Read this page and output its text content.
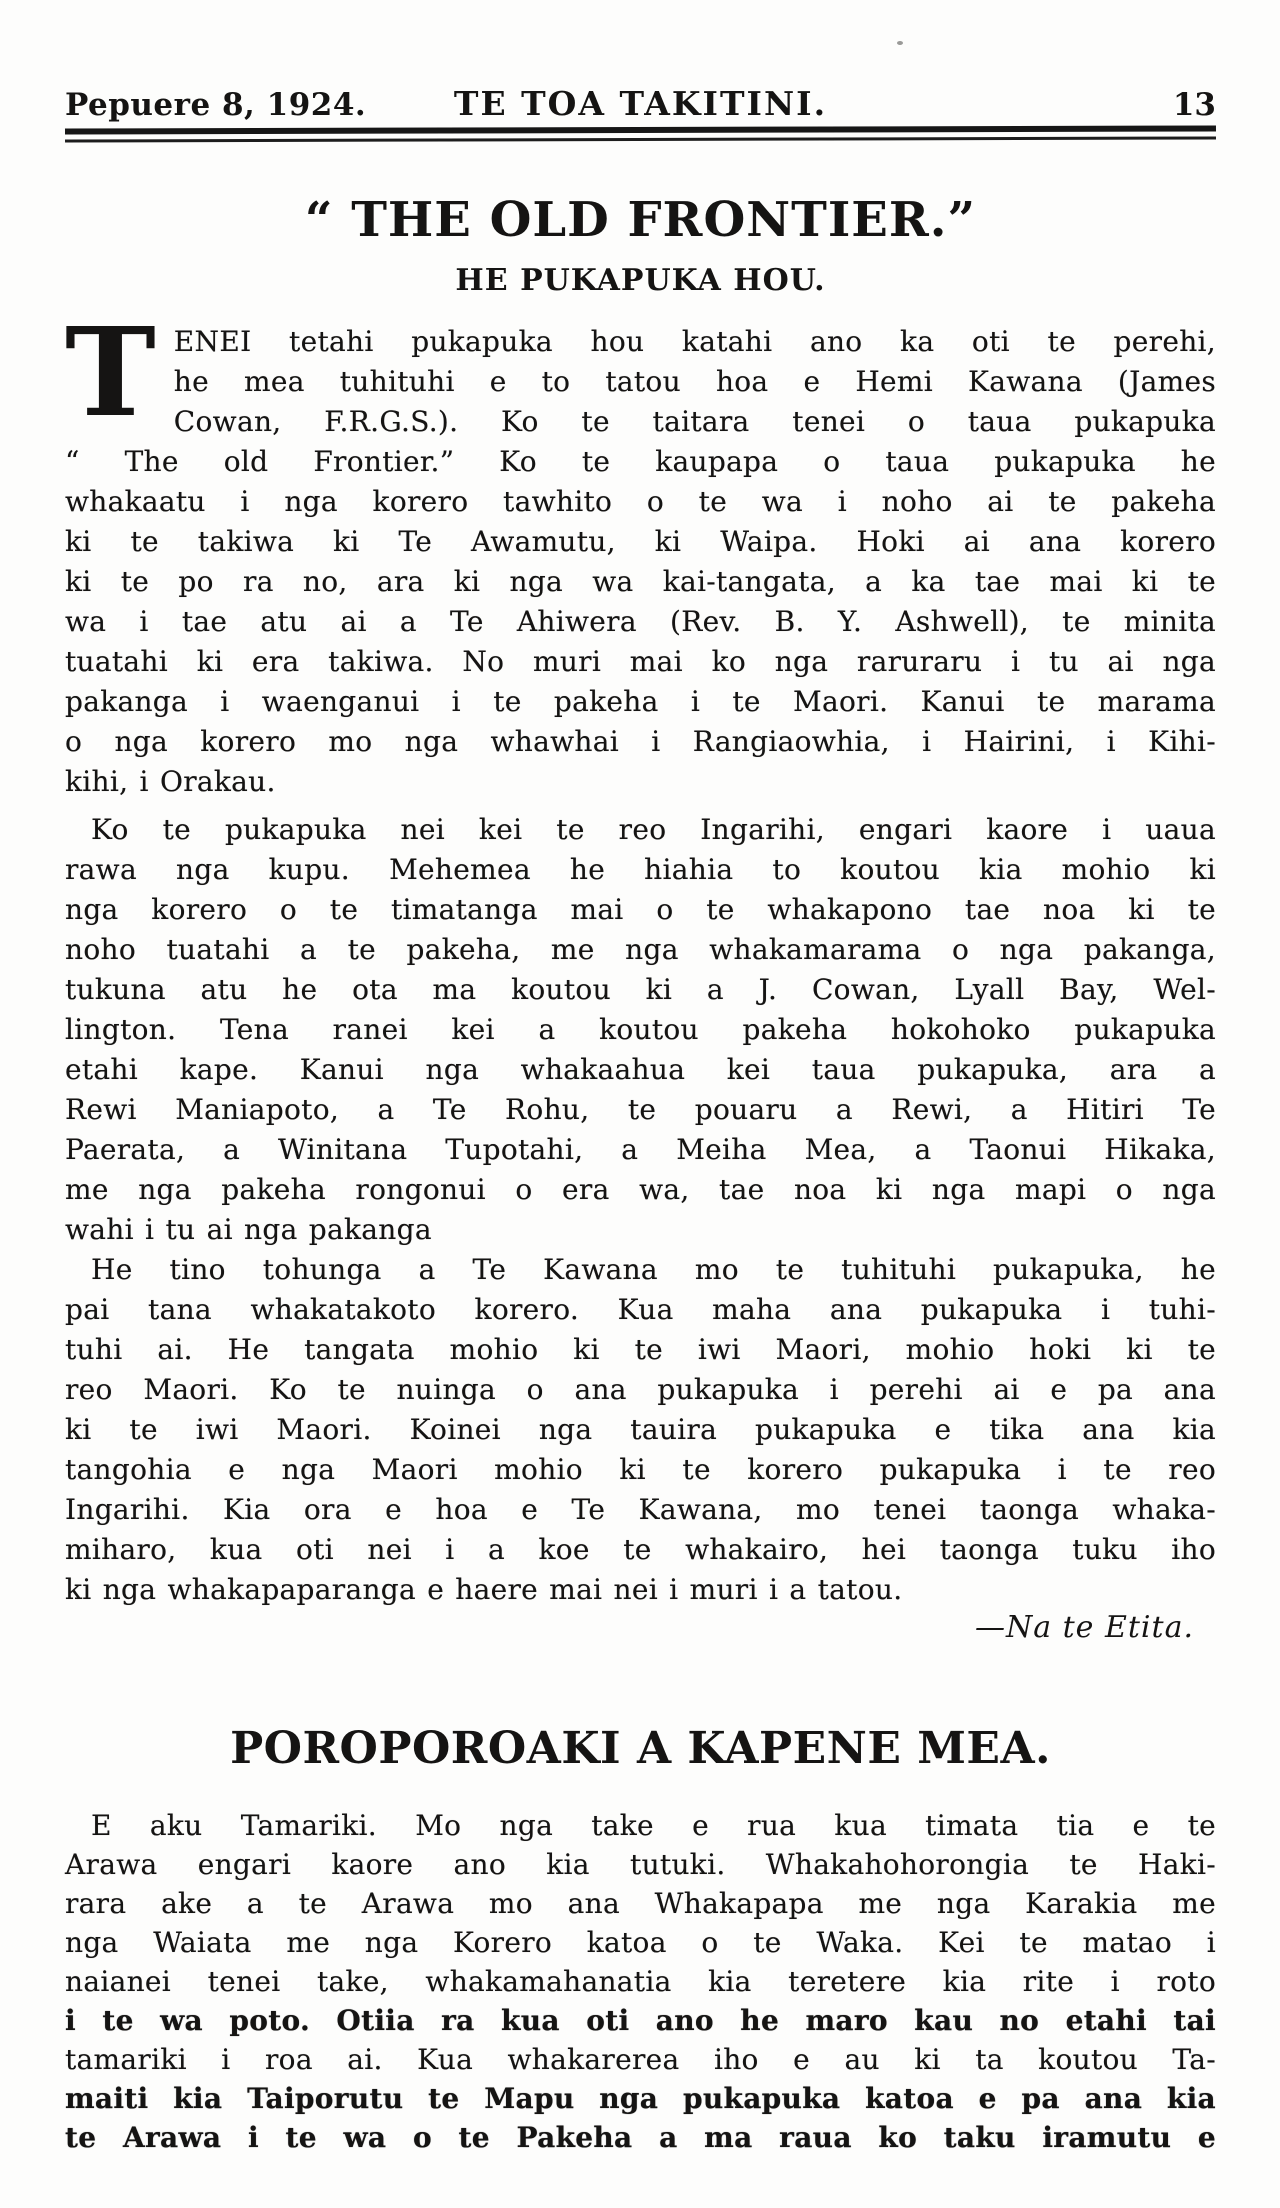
Pepuere 8, 1924.	TE TOA TAKITINI.	13
“ THE OLD FRONTIER.”
HE PUKAPUKA HOU.
T ENEI tetahi pukapuka hou katahi ano ka oti te perehi,
he mea tuhituhi e to tatou hoa e Hemi Kawana (James
Cowan, F.R.G.S.). Ko te taitara tenei o taua pukapuka
“ The old Frontier.” Ko te kaupapa o taua pukapuka he
whakaatu i nga korero tawhito o te wa i noho ai te pakeha
ki te takiwa ki Te Awamutu, ki Waipa. Hoki ai ana korero
ki te po ra no, ara ki nga wa kai-tangata, a ka tae mai ki te
wa i tae atu ai a Te Ahiwera (Rev. B. Y. Ashwell), te minita
tuatahi ki era takiwa. No muri mai ko nga raruraru i tu ai nga
pakanga i waenganui i te pakeha i te Maori. Kanui te marama
o nga korero mo nga whawhai i Rangiaowhia, i Hairini, i Kihi-
kihi, i Orakau.
Ko te pukapuka nei kei te reo Ingarihi, engari kaore i uaua
rawa nga kupu. Mehemea he hiahia to koutou kia mohio ki
nga korero o te timatanga mai o te whakapono tae noa ki te
noho tuatahi a te pakeha, me nga whakamarama o nga pakanga,
tukuna atu he ota ma koutou ki a J. Cowan, Lyall Bay, Wel-
lington. Tena ranei kei a koutou pakeha hokohoko pukapuka
etahi kape. Kanui nga whakaahua kei taua pukapuka, ara a
Rewi Maniapoto, a Te Rohu, te pouaru a Rewi, a Hitiri Te
Paerata, a Winitana Tupotahi, a Meiha Mea, a Taonui Hikaka,
me nga pakeha rongonui o era wa, tae noa ki nga mapi o nga
wahi i tu ai nga pakanga
He tino tohunga a Te Kawana mo te tuhituhi pukapuka, he
pai tana whakatakoto korero. Kua maha ana pukapuka i tuhi-
tuhi ai. He tangata mohio ki te iwi Maori, mohio hoki ki te
reo Maori. Ko te nuinga o ana pukapuka i perehi ai e pa ana
ki te iwi Maori. Koinei nga tauira pukapuka e tika ana kia
tangohia e nga Maori mohio ki te korero pukapuka i te reo
Ingarihi. Kia ora e hoa e Te Kawana, mo tenei taonga whaka-
miharo, kua oti nei i a koe te whakairo, hei taonga tuku iho
ki nga whakapaparanga e haere mai nei i muri i a tatou.
—Na te Etita.
POROPOROAKI A KAPENE MEA.
E aku Tamariki. Mo nga take e rua kua timata tia e te
Arawa engari kaore ano kia tutuki. Whakahohorongia te Haki-
rara ake a te Arawa mo ana Whakapapa me nga Karakia me
nga Waiata me nga Korero katoa o te Waka. Kei te matao i
naianei tenei take, whakamahanatia kia teretere kia rite i roto
i te wa poto. Otiia ra kua oti ano he maro kau no etahi tai
tamariki i roa ai. Kua whakarerea iho e au ki ta koutou Ta-
maiti kia Taiporutu te Mapu nga pukapuka katoa e pa ana kia
te Arawa i te wa o te Pakeha a ma raua ko taku iramutu e
